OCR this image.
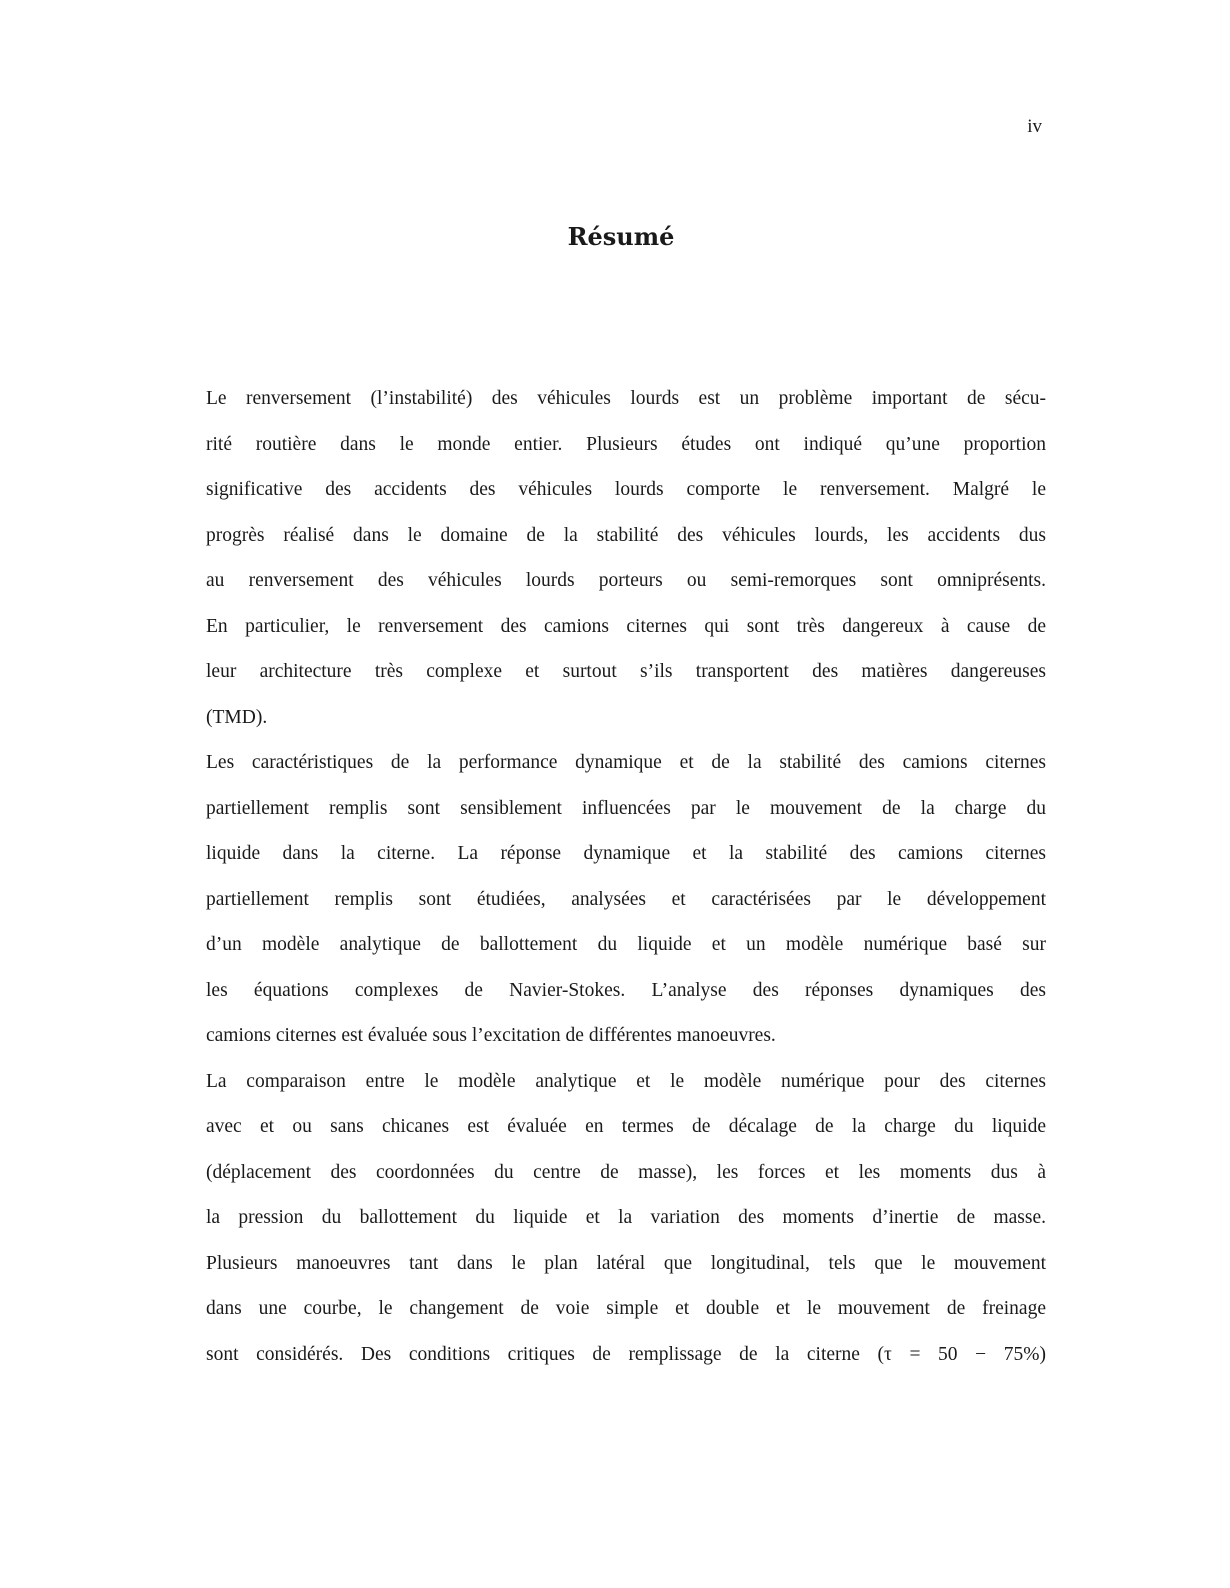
iv
Résumé

Le renversement (l’instabilité) des véhicules lourds est un problème important de sécu-
rité routière dans le monde entier. Plusieurs études ont indiqué qu’une proportion
significative des accidents des véhicules lourds comporte le renversement. Malgré le
progrès réalisé dans le domaine de la stabilité des véhicules lourds, les accidents dus
au renversement des véhicules lourds porteurs ou semi-remorques sont omniprésents.
En particulier, le renversement des camions citernes qui sont très dangereux à cause de
leur architecture très complexe et surtout s’ils transportent des matières dangereuses
(TMD).

Les caractéristiques de la performance dynamique et de la stabilité des camions citernes
partiellement remplis sont sensiblement influencées par le mouvement de la charge du
liquide dans la citerne. La réponse dynamique et la stabilité des camions citernes
partiellement remplis sont étudiées, analysées et caractérisées par le développement
d’un modèle analytique de ballottement du liquide et un modèle numérique basé sur
les équations complexes de Navier-Stokes. L’analyse des réponses dynamiques des
camions citernes est évaluée sous l’excitation de différentes manoeuvres.

La comparaison entre le modèle analytique et le modèle numérique pour des citernes
avec et ou sans chicanes est évaluée en termes de décalage de la charge du liquide
(déplacement des coordonnées du centre de masse), les forces et les moments dus à
la pression du ballottement du liquide et la variation des moments d’inertie de masse.
Plusieurs manoeuvres tant dans le plan latéral que longitudinal, tels que le mouvement
dans une courbe, le changement de voie simple et double et le mouvement de freinage
sont considérés. Des conditions critiques de remplissage de la citerne (τ = 50 − 75%)
